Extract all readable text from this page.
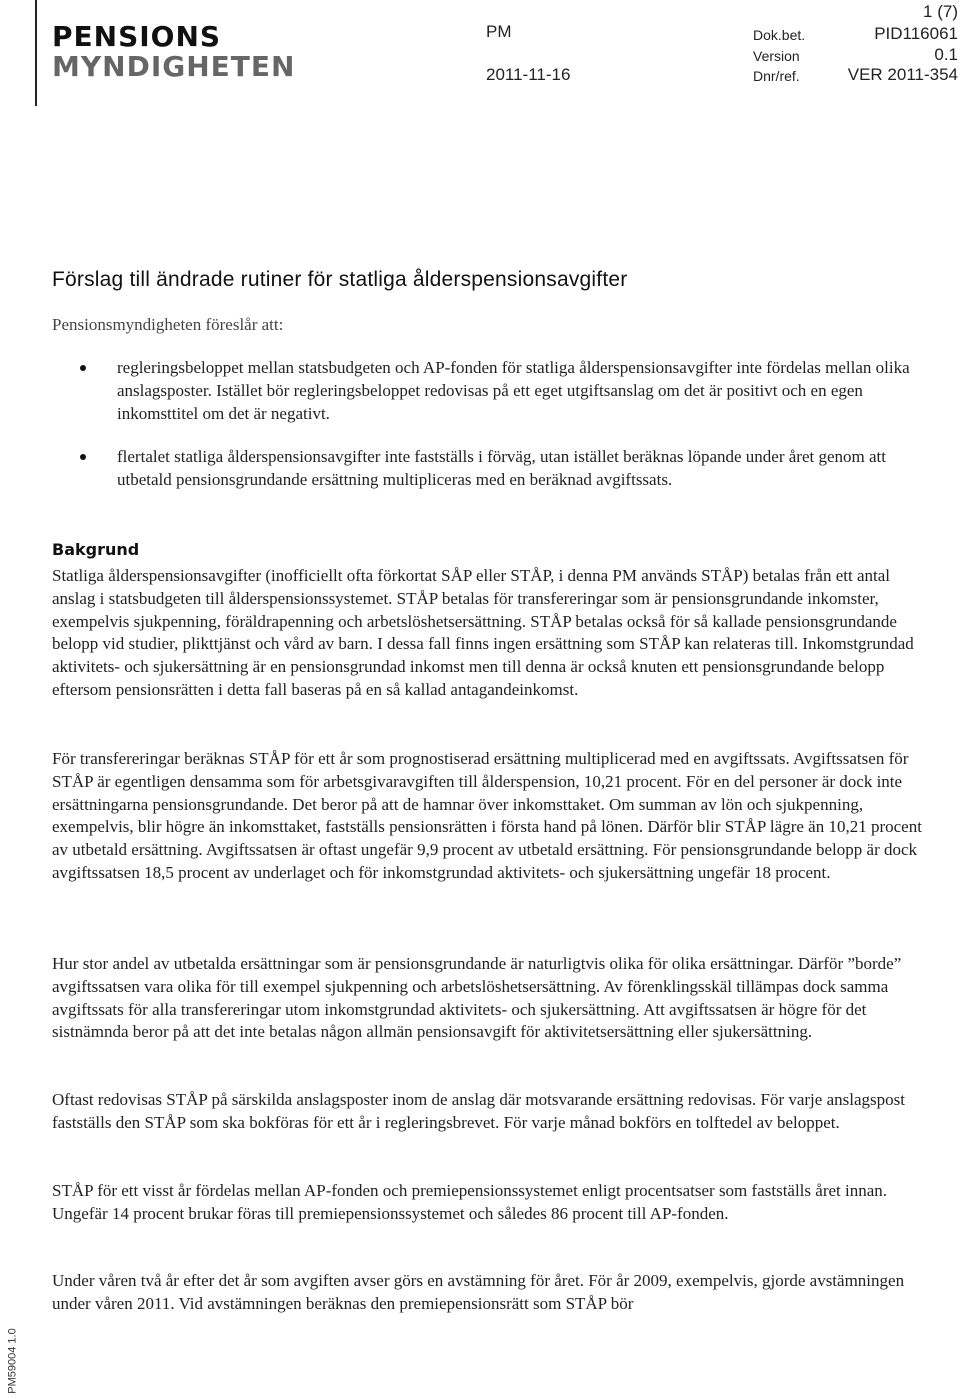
PENSIONS
MYNDIGHETEN
PM
2011-11-16
Dok.bet.
Version
Dnr/ref.
1 (7)
PID116061
0.1
VER 2011-354
Förslag till ändrade rutiner för statliga ålderspensionsavgifter
Pensionsmyndigheten föreslår att:
regleringsbeloppet mellan statsbudgeten och AP-fonden för statliga ålderspensionsavgifter inte fördelas mellan olika anslagsposter. Istället bör regleringsbeloppet redovisas på ett eget utgiftsanslag om det är positivt och en egen inkomsttitel om det är negativt.
flertalet statliga ålderspensionsavgifter inte fastställs i förväg, utan istället beräknas löpande under året genom att utbetald pensionsgrundande ersättning multipliceras med en beräknad avgiftssats.
Bakgrund

Statliga ålderspensionsavgifter (inofficiellt ofta förkortat SÅP eller STÅP, i denna PM används STÅP) betalas från ett antal anslag i statsbudgeten till ålderspensionssystemet. STÅP betalas för transfereringar som är pensionsgrundande inkomster, exempelvis sjukpenning, föräldrapenning och arbetslöshetsersättning. STÅP betalas också för så kallade pensionsgrundande belopp vid studier, plikttjänst och vård av barn. I dessa fall finns ingen ersättning som STÅP kan relateras till. Inkomstgrundad aktivitets- och sjukersättning är en pensionsgrundad inkomst men till denna är också knuten ett pensionsgrundande belopp eftersom pensionsrätten i detta fall baseras på en så kallad antagandeinkomst.

För transfereringar beräknas STÅP för ett år som prognostiserad ersättning multiplicerad med en avgiftssats. Avgiftssatsen för STÅP är egentligen densamma som för arbetsgivaravgiften till ålderspension, 10,21 procent. För en del personer är dock inte ersättningarna pensionsgrundande. Det beror på att de hamnar över inkomsttaket. Om summan av lön och sjukpenning, exempelvis, blir högre än inkomsttaket, fastställs pensionsrätten i första hand på lönen. Därför blir STÅP lägre än 10,21 procent av utbetald ersättning. Avgiftssatsen är oftast ungefär 9,9 procent av utbetald ersättning. För pensionsgrundande belopp är dock avgiftssatsen 18,5 procent av underlaget och för inkomstgrundad aktivitets- och sjukersättning ungefär 18 procent.

Hur stor andel av utbetalda ersättningar som är pensionsgrundande är naturligtvis olika för olika ersättningar. Därför ”borde” avgiftssatsen vara olika för till exempel sjukpenning och arbetslöshetsersättning. Av förenklingsskäl tillämpas dock samma avgiftssats för alla transfereringar utom inkomstgrundad aktivitets- och sjukersättning. Att avgiftssatsen är högre för det sistnämnda beror på att det inte betalas någon allmän pensionsavgift för aktivitetsersättning eller sjukersättning.

Oftast redovisas STÅP på särskilda anslagsposter inom de anslag där motsvarande ersättning redovisas. För varje anslagspost fastställs den STÅP som ska bokföras för ett år i regleringsbrevet. För varje månad bokförs en tolftedel av beloppet.

STÅP för ett visst år fördelas mellan AP-fonden och premiepensionssystemet enligt procentsatser som fastställs året innan. Ungefär 14 procent brukar föras till premiepensionssystemet och således 86 procent till AP-fonden.

Under våren två år efter det år som avgiften avser görs en avstämning för året. För år 2009, exempelvis, gjorde avstämningen under våren 2011. Vid avstämningen beräknas den premiepensionsrätt som STÅP bör

PM59004 1.0
